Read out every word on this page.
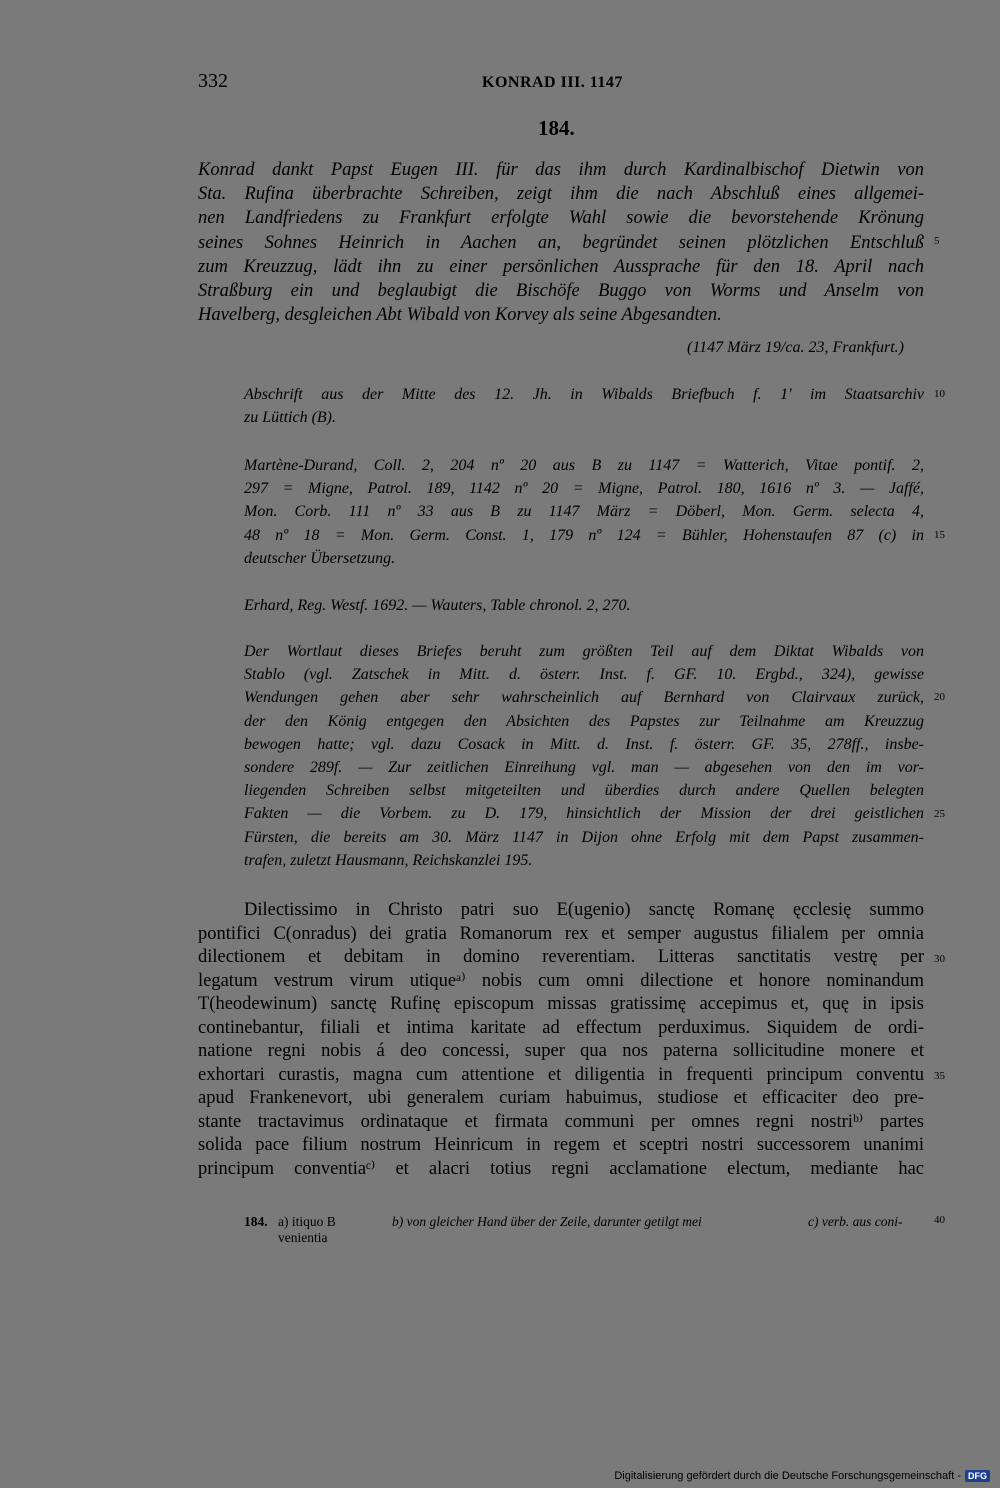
332	KONRAD III. 1147
184.
Konrad dankt Papst Eugen III. für das ihm durch Kardinalbischof Dietwin von
Sta. Rufina überbrachte Schreiben, zeigt ihm die nach Abschluß eines allgemei-
nen Landfriedens zu Frankfurt erfolgte Wahl sowie die bevorstehende Krönung
seines Sohnes Heinrich in Aachen an, begründet seinen plötzlichen Entschluß
zum Kreuzzug, lädt ihn zu einer persönlichen Aussprache für den 18. April nach
Straßburg ein und beglaubigt die Bischöfe Buggo von Worms und Anselm von
Havelberg, desgleichen Abt Wibald von Korvey als seine Abgesandten.
(1147 März 19/ca. 23, Frankfurt.)
Abschrift aus der Mitte des 12. Jh. in Wibalds Briefbuch f. 1' im Staatsarchiv
zu Lüttich (B).
Martène-Durand, Coll. 2, 204 nº 20 aus B zu 1147 = Watterich, Vitae pontif. 2,
297 = Migne, Patrol. 189, 1142 nº 20 = Migne, Patrol. 180, 1616 nº 3. — Jaffé,
Mon. Corb. 111 nº 33 aus B zu 1147 März = Döberl, Mon. Germ. selecta 4,
48 nº 18 = Mon. Germ. Const. 1, 179 nº 124 = Bühler, Hohenstaufen 87 (c) in
deutscher Übersetzung.
Erhard, Reg. Westf. 1692. — Wauters, Table chronol. 2, 270.
Der Wortlaut dieses Briefes beruht zum größten Teil auf dem Diktat Wibalds von
Stablo (vgl. Zatschek in Mitt. d. österr. Inst. f. GF. 10. Ergbd., 324), gewisse
Wendungen gehen aber sehr wahrscheinlich auf Bernhard von Clairvaux zurück,
der den König entgegen den Absichten des Papstes zur Teilnahme am Kreuzzug
bewogen hatte; vgl. dazu Cosack in Mitt. d. Inst. f. österr. GF. 35, 278ff., insbe-
sondere 289f. — Zur zeitlichen Einreihung vgl. man — abgesehen von den im vor-
liegenden Schreiben selbst mitgeteilten und überdies durch andere Quellen belegten
Fakten — die Vorbem. zu D. 179, hinsichtlich der Mission der drei geistlichen
Fürsten, die bereits am 30. März 1147 in Dijon ohne Erfolg mit dem Papst zusammen-
trafen, zuletzt Hausmann, Reichskanzlei 195.
Dilectissimo in Christo patri suo E(ugenio) sanctę Romanę ęcclesię summo
pontifici C(onradus) dei gratia Romanorum rex et semper augustus filialem per omnia
dilectionem et debitam in domino reverentiam. Litteras sanctitatis vestrę per
legatum vestrum virum utiqueᵃ⁾ nobis cum omni dilectione et honore nominandum
T(heodewinum) sanctę Rufinę episcopum missas gratissimę accepimus et, quę in ipsis
continebantur, filiali et intima karitate ad effectum perduximus. Siquidem de ordi-
natione regni nobis á deo concessi, super qua nos paterna sollicitudine monere et
exhortari curastis, magna cum attentione et diligentia in frequenti principum conventu
apud Frankenevort, ubi generalem curiam habuimus, studiose et efficaciter deo pre-
stante tractavimus ordinataque et firmata communi per omnes regni nostriᵇ⁾ partes
solida pace filium nostrum Heinricum in regem et sceptri nostri successorem unanimi
principum conventiaᶜ⁾ et alacri totius regni acclamatione electum, mediante hac
5
10
15
20
25
30
35
40
184. a) itiquo B
venientia
b) von gleicher Hand über der Zeile, darunter getilgt mei	c) verb. aus coni-
Digitalisierung gefördert durch die Deutsche Forschungsgemeinschaft - DFG
